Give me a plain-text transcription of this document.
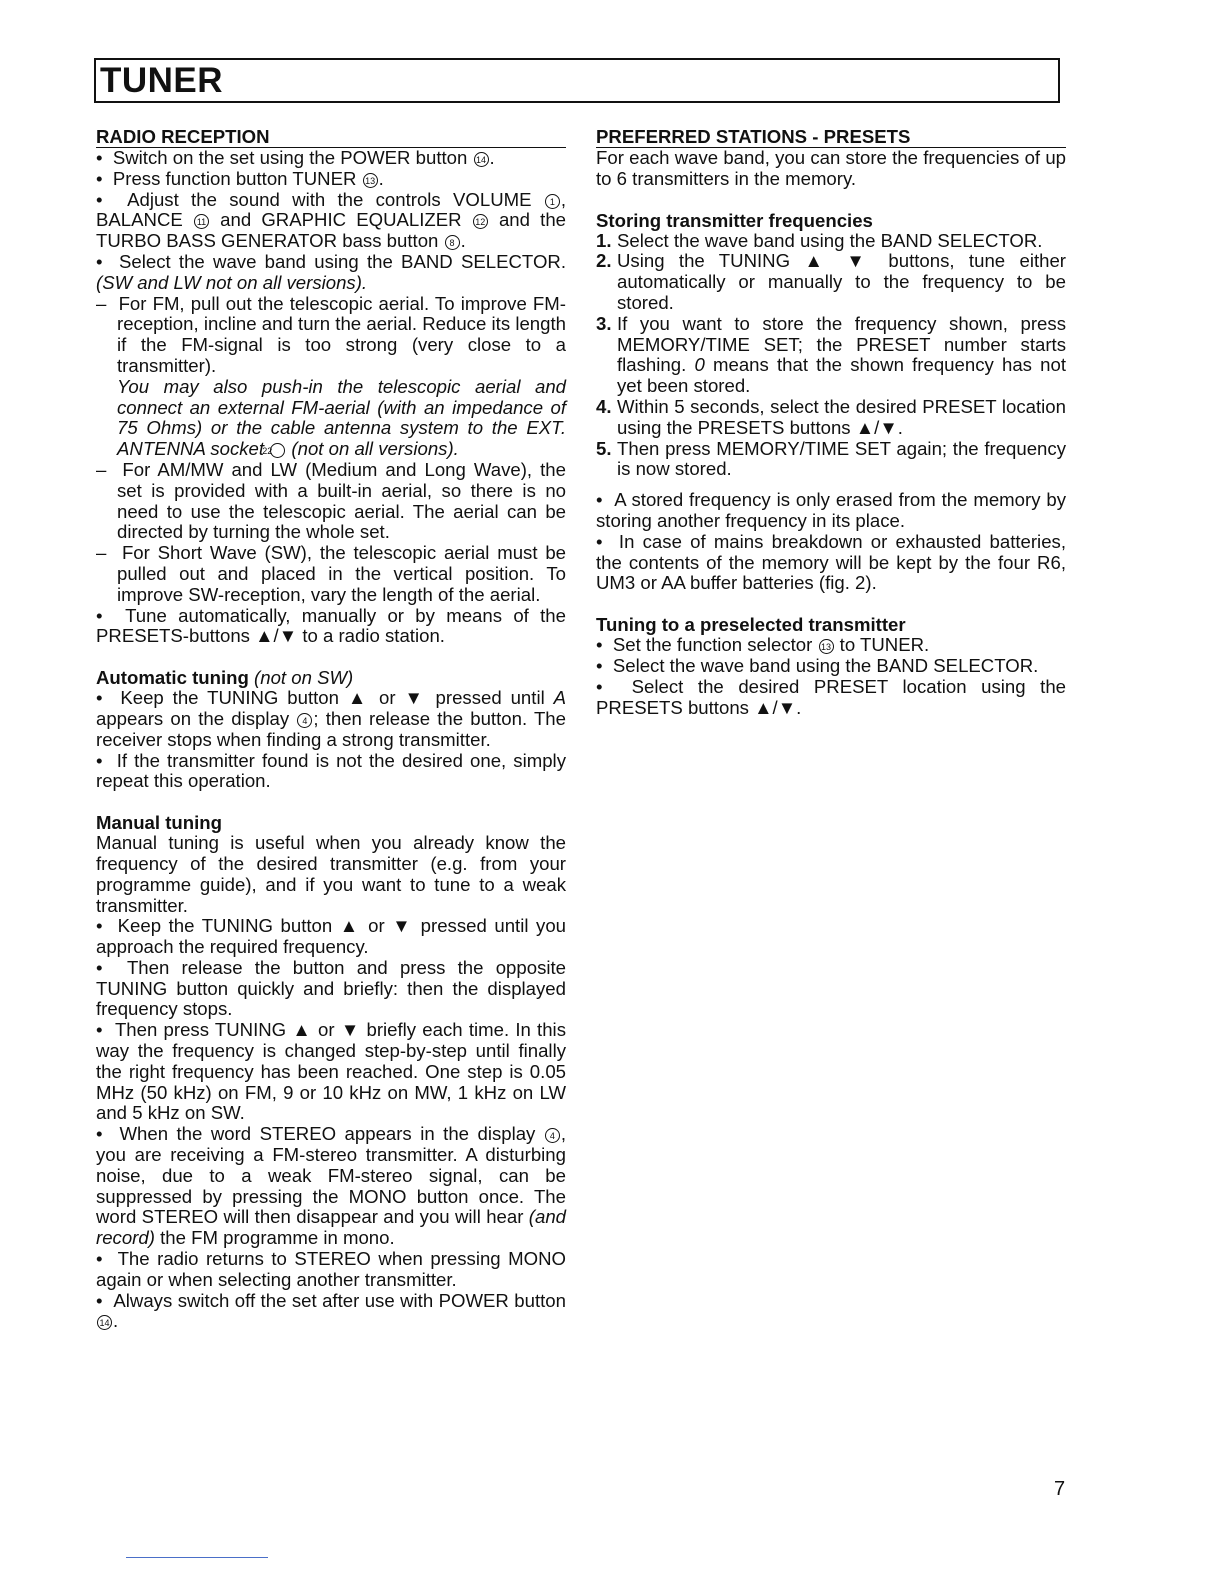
TUNER
RADIO RECEPTION

•  Switch on the set using the POWER button 14 .

•  Press function button TUNER 13 .

•  Adjust the sound with the controls VOLUME 1 , BALANCE 11 and GRAPHIC EQUALIZER 12 and the TURBO BASS GENERATOR bass button 8 .

•  Select the wave band using the BAND SELECTOR. (SW and LW not on all versions).

–  For FM, pull out the telescopic aerial. To improve FM-reception, incline and turn the aerial. Reduce its length if the FM-signal is too strong (very close to a transmitter).
You may also push-in the telescopic aerial and connect an external FM-aerial (with an impedance of 75 Ohms) or the cable antenna system to the EXT. ANTENNA socket 22 (not on all versions).

–  For AM/MW and LW (Medium and Long Wave), the set is provided with a built-in aerial, so there is no need to use the telescopic aerial. The aerial can be directed by turning the whole set.

–  For Short Wave (SW), the telescopic aerial must be pulled out and placed in the vertical position. To improve SW-reception, vary the length of the aerial.

•  Tune automatically, manually or by means of the PRESETS-buttons ▲/▼ to a radio station.

Automatic tuning (not on SW)

•  Keep the TUNING button ▲ or ▼ pressed until A appears on the display 4 ; then release the button. The receiver stops when finding a strong transmitter.

•  If the transmitter found is not the desired one, simply repeat this operation.

Manual tuning

Manual tuning is useful when you already know the frequency of the desired transmitter (e.g. from your programme guide), and if you want to tune to a weak transmitter.

•  Keep the TUNING button ▲ or ▼ pressed until you approach the required frequency.

•  Then release the button and press the opposite TUNING button quickly and briefly: then the displayed frequency stops.

•  Then press TUNING ▲ or ▼ briefly each time. In this way the frequency is changed step-by-step until finally the right frequency has been reached. One step is 0.05 MHz (50 kHz) on FM, 9 or 10 kHz on MW, 1 kHz on LW and 5 kHz on SW.

•  When the word STEREO appears in the display 4 , you are receiving a FM-stereo transmitter. A disturbing noise, due to a weak FM-stereo signal, can be suppressed by pressing the MONO button once. The word STEREO will then disappear and you will hear (and record) the FM programme in mono.

•  The radio returns to STEREO when pressing MONO again or when selecting another transmitter.

•  Always switch off the set after use with POWER button 14 .

PREFERRED STATIONS - PRESETS

For each wave band, you can store the frequencies of up to 6 transmitters in the memory.

Storing transmitter frequencies
1. Select the wave band using the BAND SELECTOR.
2. Using the TUNING ▲ ▼ buttons, tune either automatically or manually to the frequency to be stored.
3. If you want to store the frequency shown, press MEMORY/TIME SET; the PRESET number starts flashing. 0 means that the shown frequency has not yet been stored.
4. Within 5 seconds, select the desired PRESET location using the PRESETS buttons ▲/▼.
5. Then press MEMORY/TIME SET again; the frequency is now stored.

•  A stored frequency is only erased from the memory by storing another frequency in its place.

•  In case of mains breakdown or exhausted batteries, the contents of the memory will be kept by the four R6, UM3 or AA buffer batteries (fig. 2).

Tuning to a preselected transmitter

•  Set the function selector 13 to TUNER.

•  Select the wave band using the BAND SELECTOR.

•  Select the desired PRESET location using the PRESETS buttons ▲/▼.

7
